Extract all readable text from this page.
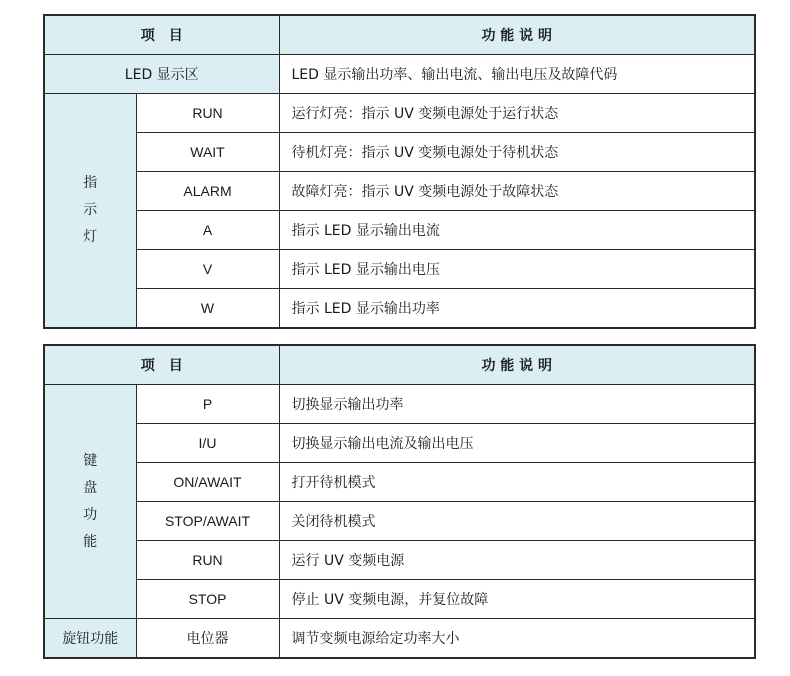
项　目		功 能 说 明
LED 显示区		LED 显示输出功率、输出电流、输出电压及故障代码

指
示
灯	RUN	运行灯亮：指示 UV 变频电源处于运行状态
	WAIT	待机灯亮：指示 UV 变频电源处于待机状态
	ALARM	故障灯亮：指示 UV 变频电源处于故障状态
	A	指示 LED 显示输出电流
	V	指示 LED 显示输出电压
	W	指示 LED 显示输出功率
项　目		功 能 说 明

键
盘
功
能	P	切换显示输出功率
	I/U	切换显示输出电流及输出电压
	ON/AWAIT	打开待机模式
	STOP/AWAIT	关闭待机模式
	RUN	运行 UV 变频电源
	STOP	停止 UV 变频电源，并复位故障
旋钮功能	电位器	调节变频电源给定功率大小
